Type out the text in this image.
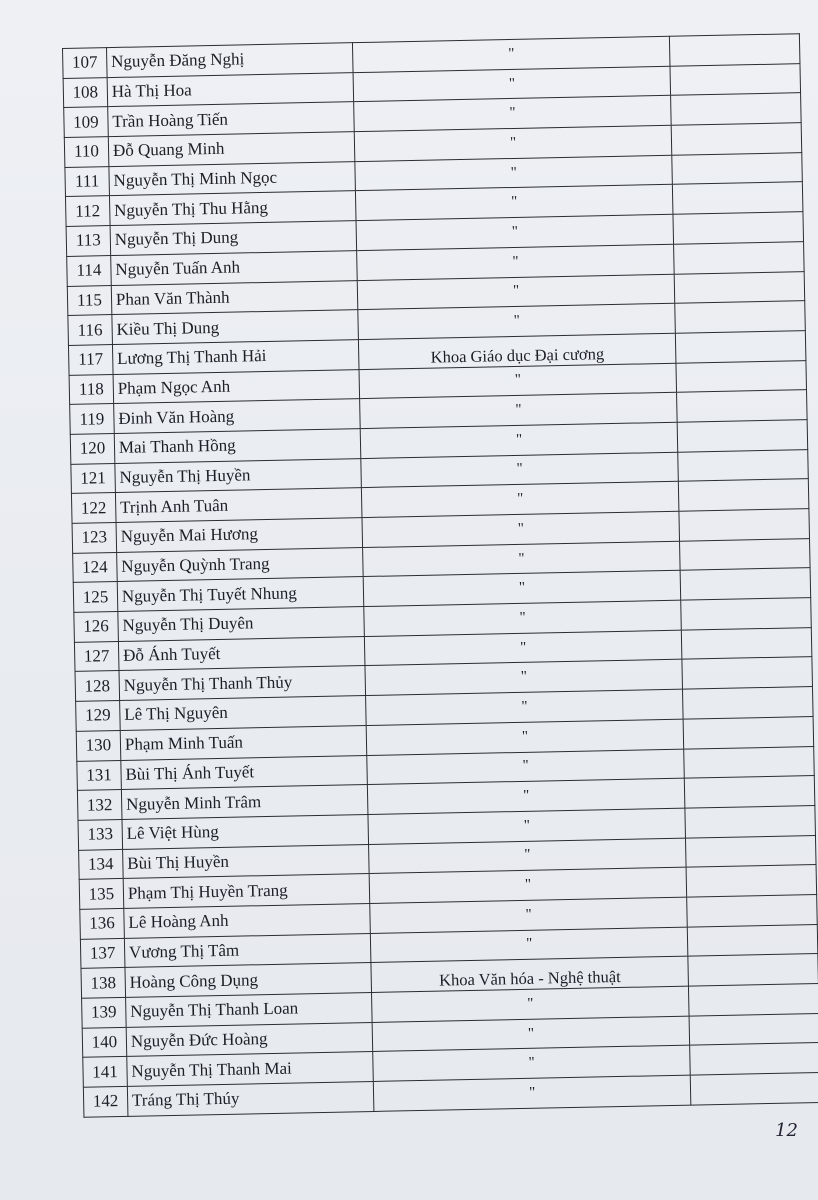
107	Nguyễn Đăng Nghị	"	
108	Hà Thị Hoa	"	
109	Trần Hoàng Tiến	"	
110	Đỗ Quang Minh	"	
111	Nguyễn Thị Minh Ngọc	"	
112	Nguyễn Thị Thu Hằng	"	
113	Nguyễn Thị Dung	"	
114	Nguyễn Tuấn Anh	"	
115	Phan Văn Thành	"	
116	Kiều Thị Dung	"	
117	Lương Thị Thanh Hải	Khoa Giáo dục Đại cương	
118	Phạm Ngọc Anh	"	
119	Đinh Văn Hoàng	"	
120	Mai Thanh Hồng	"	
121	Nguyễn Thị Huyền	"	
122	Trịnh Anh Tuân	"	
123	Nguyễn Mai Hương	"	
124	Nguyễn Quỳnh Trang	"	
125	Nguyễn Thị Tuyết Nhung	"	
126	Nguyễn Thị Duyên	"	
127	Đỗ Ánh Tuyết	"	
128	Nguyễn Thị Thanh Thủy	"	
129	Lê Thị Nguyên	"	
130	Phạm Minh Tuấn	"	
131	Bùi Thị Ánh Tuyết	"	
132	Nguyễn Minh Trâm	"	
133	Lê Việt Hùng	"	
134	Bùi Thị Huyền	"	
135	Phạm Thị Huyền Trang	"	
136	Lê Hoàng Anh	"	
137	Vương Thị Tâm	"	
138	Hoàng Công Dụng	Khoa Văn hóa - Nghệ thuật	
139	Nguyễn Thị Thanh Loan	"	
140	Nguyễn Đức Hoàng	"	
141	Nguyễn Thị Thanh Mai	"	
142	Tráng Thị Thúy	"	
12
